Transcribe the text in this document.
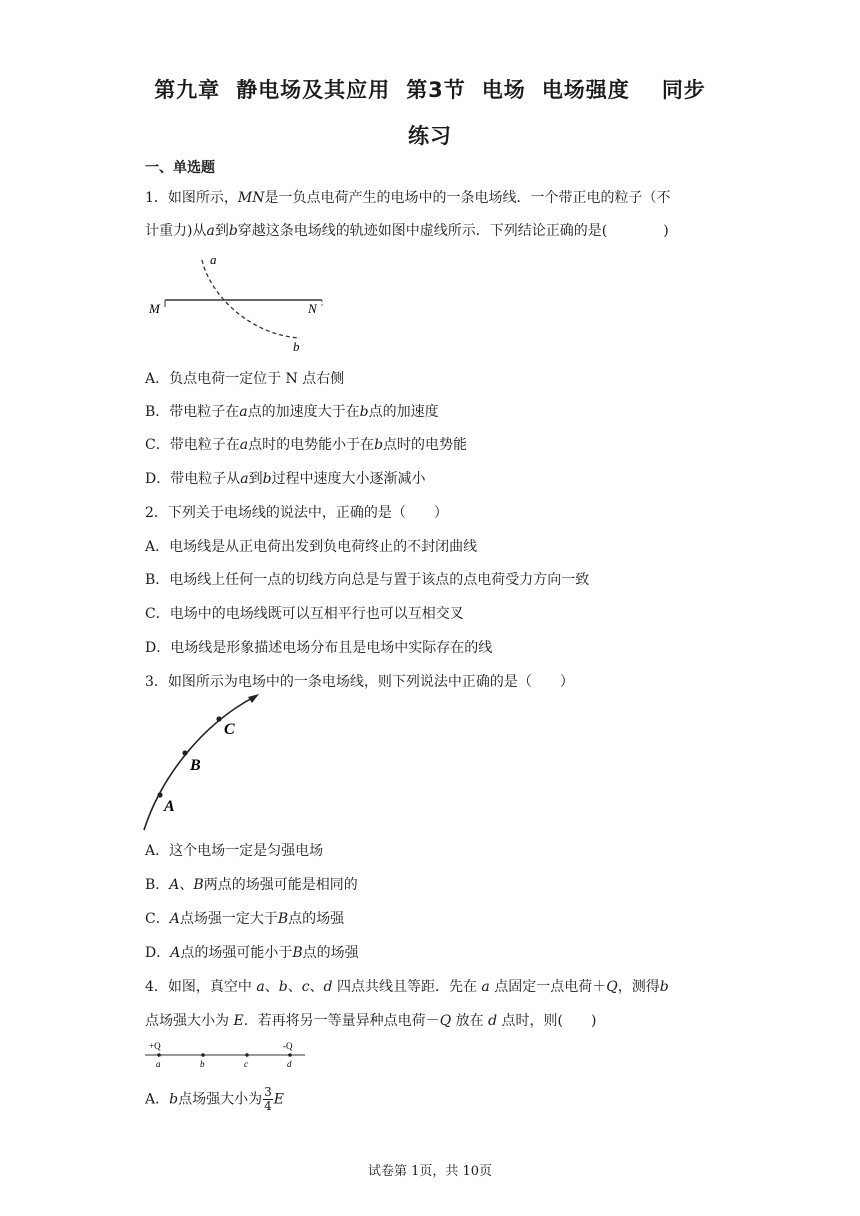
第九章 静电场及其应用 第3节 电场 电场强度 同步
练习
一、单选题
1．如图所示，MN是一负点电荷产生的电场中的一条电场线．一个带正电的粒子（不
计重力)从a到b穿越这条电场线的轨迹如图中虚线所示．下列结论正确的是(　　　　)
a
b
M	N
A．负点电荷一定位于 N 点右侧
B．带电粒子在a点的加速度大于在b点的加速度
C．带电粒子在a点时的电势能小于在b点时的电势能
D．带电粒子从a到b过程中速度大小逐渐减小
2．下列关于电场线的说法中，正确的是（　　）
A．电场线是从正电荷出发到负电荷终止的不封闭曲线
B．电场线上任何一点的切线方向总是与置于该点的点电荷受力方向一致
C．电场中的电场线既可以互相平行也可以互相交叉
D．电场线是形象描述电场分布且是电场中实际存在的线
3．如图所示为电场中的一条电场线，则下列说法中正确的是（　　）
A
B
C
A．这个电场一定是匀强电场
B．A、B两点的场强可能是相同的
C．A点场强一定大于B点的场强
D．A点的场强可能小于B点的场强
4．如图，真空中 a、b、c、d 四点共线且等距．先在 a 点固定一点电荷＋Q，测得b
点场强大小为 E．若再将另一等量异种点电荷－Q 放在 d 点时，则(　　)
+Q	-Q
a	b	c	d
A．b点场强大小为 $\frac{3}{4}$ E
试卷第 1页，共 10页
